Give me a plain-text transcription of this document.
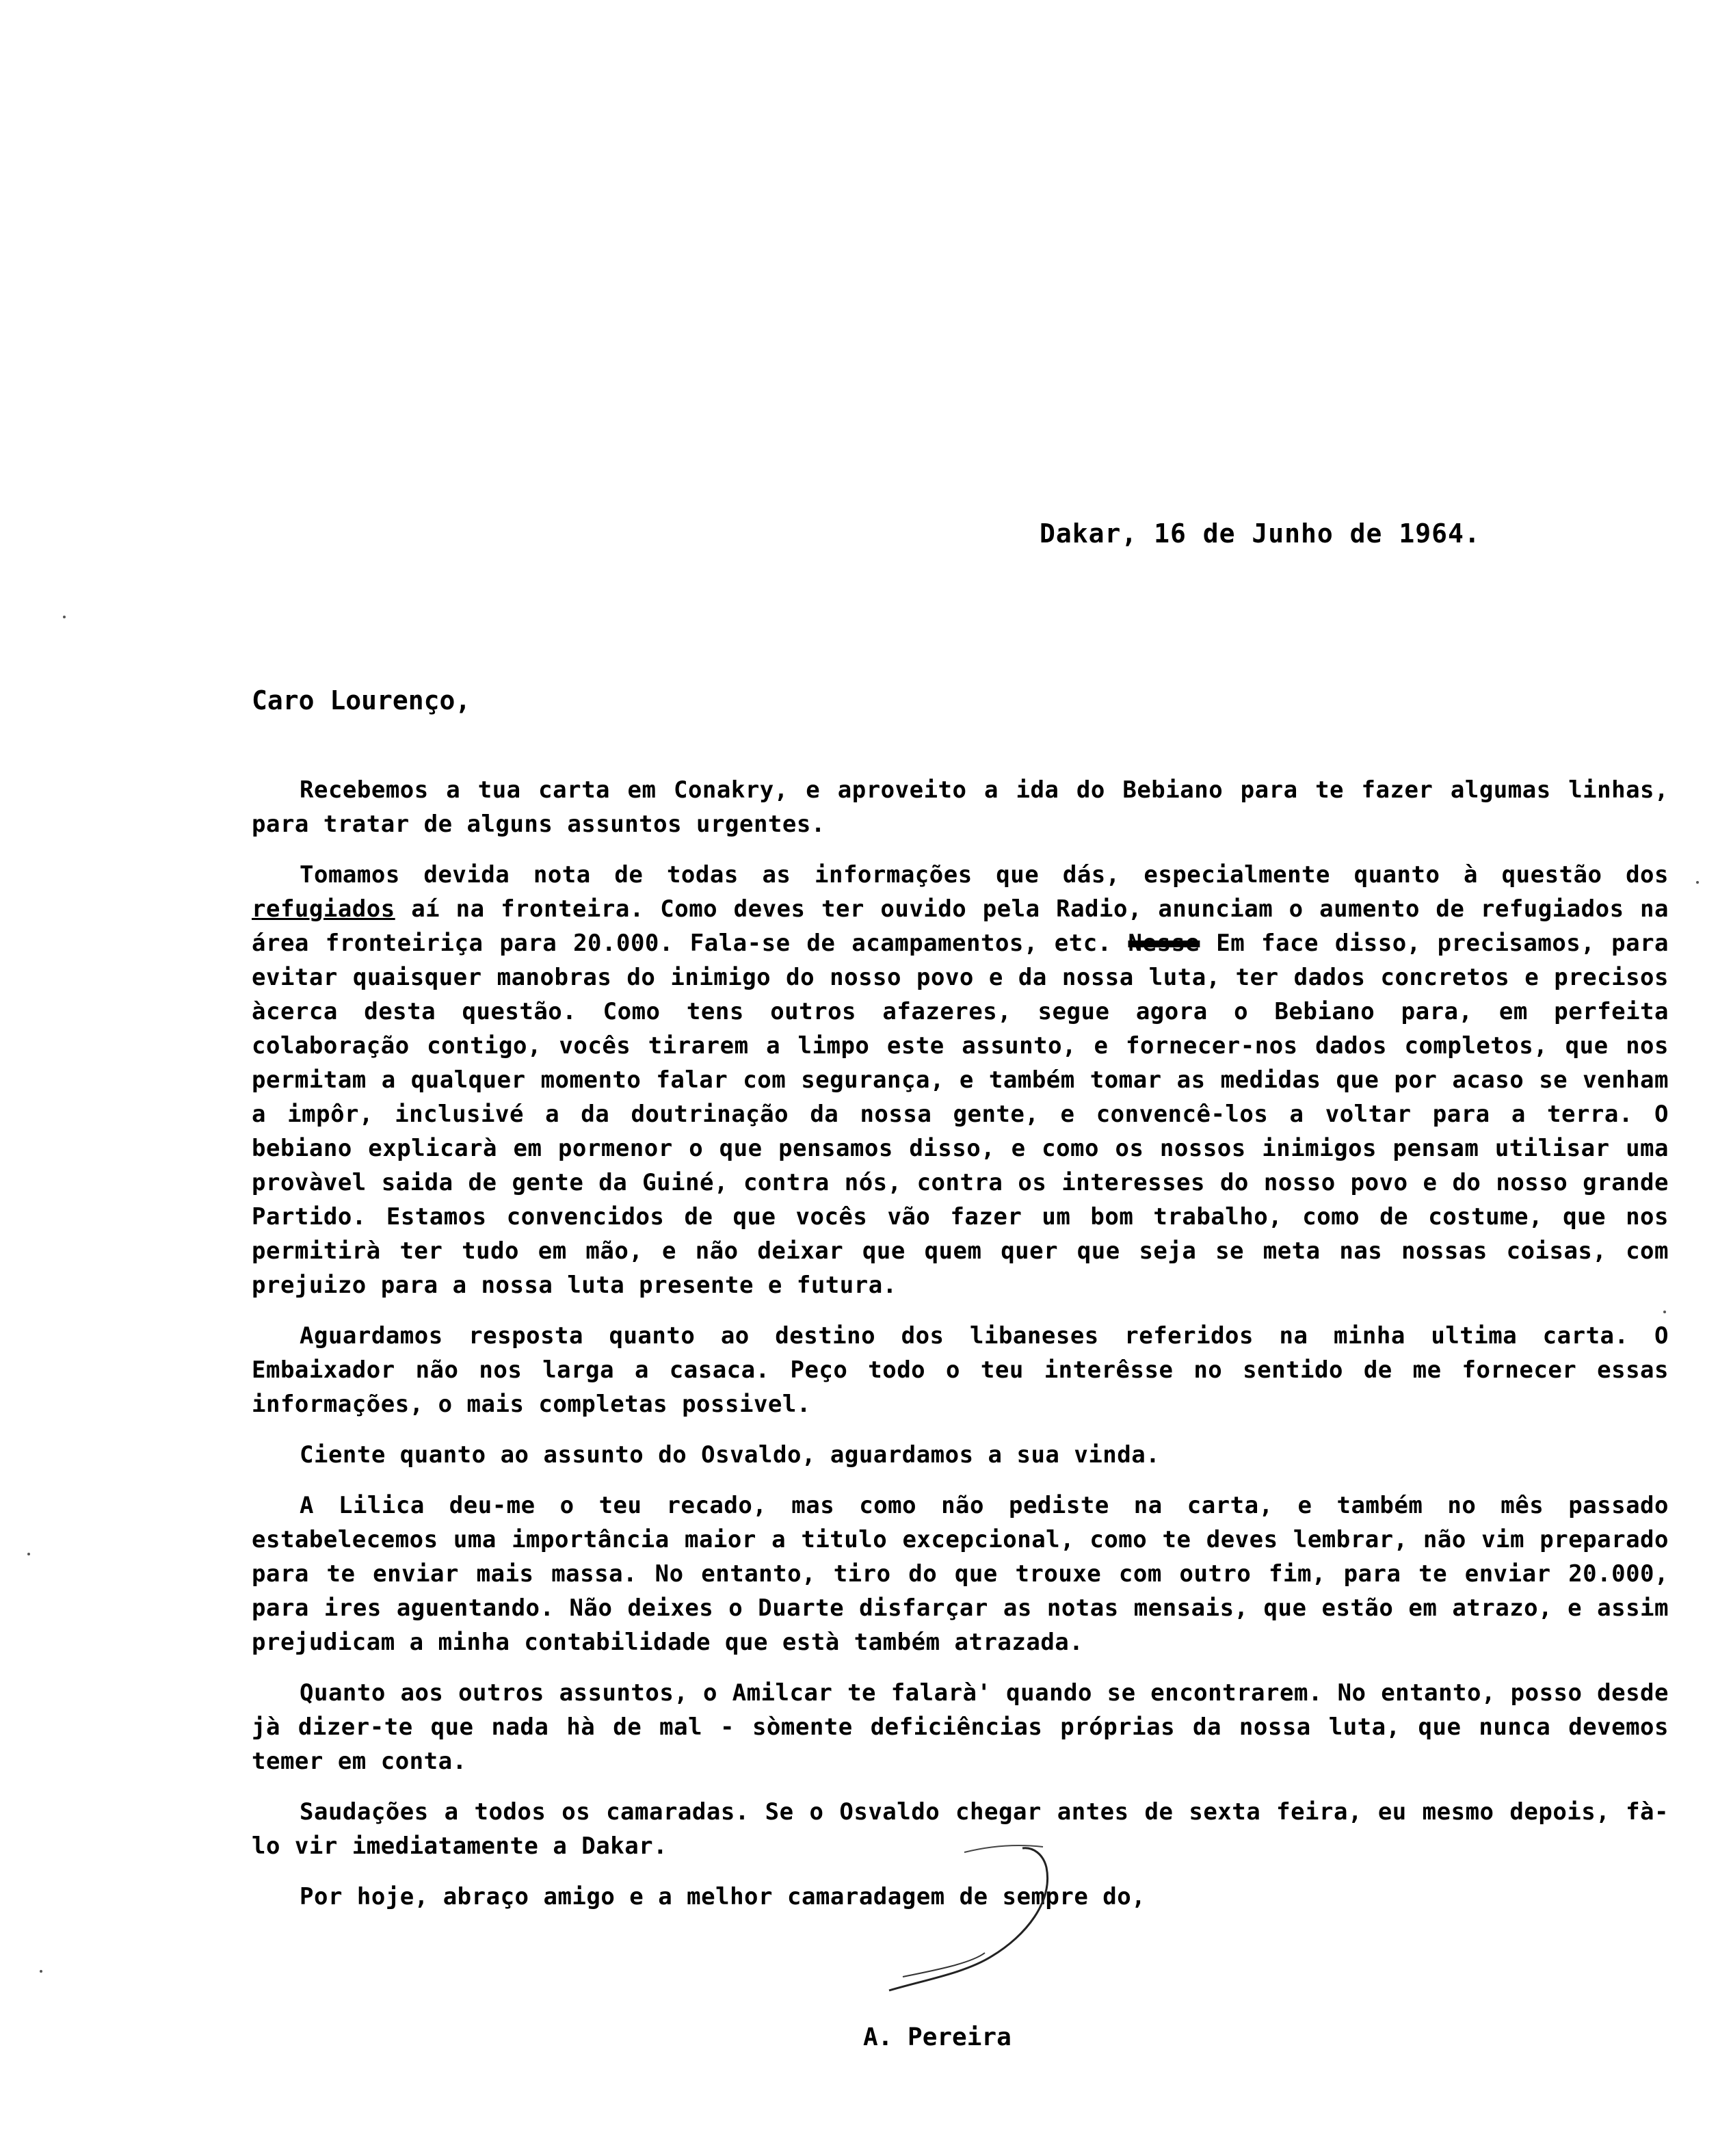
Dakar, 16 de Junho de 1964.
Caro Lourenço,

Recebemos a tua carta em Conakry, e aproveito a ida do Bebiano para te fazer algumas linhas, para tratar de alguns assuntos urgentes.

Tomamos devida nota de todas as informações que dás, especialmente quanto à questão dos refugiados aí na fronteira. Como deves ter ouvido pela Radio, anunciam o aumento de refugiados na área fronteiriça para 20.000. Fala-se de acampamentos, etc. Nesse Em face disso, precisamos, para evitar quaisquer manobras do inimigo do nosso povo e da nossa luta, ter dados concretos e precisos àcerca desta questão. Como tens outros afazeres, segue agora o Bebiano para, em perfeita colaboração contigo, vocês tirarem a limpo este assunto, e fornecer-nos dados completos, que nos permitam a qualquer momento falar com segurança, e também tomar as medidas que por acaso se venham a impôr, inclusivé a da doutrinação da nossa gente, e convencê-los a voltar para a terra. O bebiano explicarà em pormenor o que pensamos disso, e como os nossos inimigos pensam utilisar uma provàvel saida de gente da Guiné, contra nós, contra os interesses do nosso povo e do nosso grande Partido. Estamos convencidos de que vocês vão fazer um bom trabalho, como de costume, que nos permitirà ter tudo em mão, e não deixar que quem quer que seja se meta nas nossas coisas, com prejuizo para a nossa luta presente e futura.

Aguardamos resposta quanto ao destino dos libaneses referidos na minha ultima carta. O Embaixador não nos larga a casaca. Peço todo o teu interêsse no sentido de me fornecer essas informações, o mais completas possivel.

Ciente quanto ao assunto do Osvaldo, aguardamos a sua vinda.

A Lilica deu-me o teu recado, mas como não pediste na carta, e também no mês passado estabelecemos uma importância maior a titulo excepcional, como te deves lembrar, não vim preparado para te enviar mais massa. No entanto, tiro do que trouxe com outro fim, para te enviar 20.000, para ires aguentando. Não deixes o Duarte disfarçar as notas mensais, que estão em atrazo, e assim prejudicam a minha contabilidade que està também atrazada.

Quanto aos outros assuntos, o Amilcar te falarà' quando se encontrarem. No entanto, posso desde jà dizer-te que nada hà de mal - sòmente deficiências próprias da nossa luta, que nunca devemos temer em conta.

Saudações a todos os camaradas. Se o Osvaldo chegar antes de sexta feira, eu mesmo depois, fà-lo vir imediatamente a Dakar.

Por hoje, abraço amigo e a melhor camaradagem de sempre do,

A. Pereira
